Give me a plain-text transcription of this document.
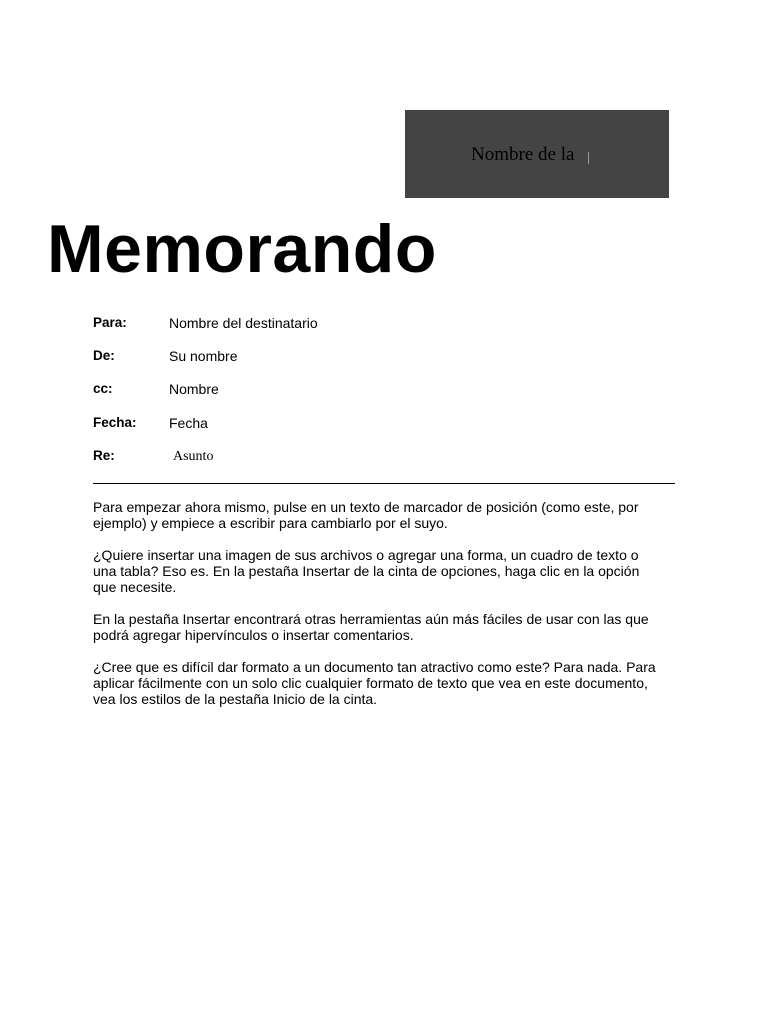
Nombre de la
Memorando
Para:	Nombre del destinatario
De:	Su nombre
cc:	Nombre
Fecha: Fecha
Re:	Asunto

Para empezar ahora mismo, pulse en un texto de marcador de posición (como este, por ejemplo) y empiece a escribir para cambiarlo por el suyo.

¿Quiere insertar una imagen de sus archivos o agregar una forma, un cuadro de texto o una tabla? Eso es. En la pestaña Insertar de la cinta de opciones, haga clic en la opción que necesite.

En la pestaña Insertar encontrará otras herramientas aún más fáciles de usar con las que podrá agregar hipervínculos o insertar comentarios.

¿Cree que es difícil dar formato a un documento tan atractivo como este? Para nada. Para aplicar fácilmente con un solo clic cualquier formato de texto que vea en este documento, vea los estilos de la pestaña Inicio de la cinta.
